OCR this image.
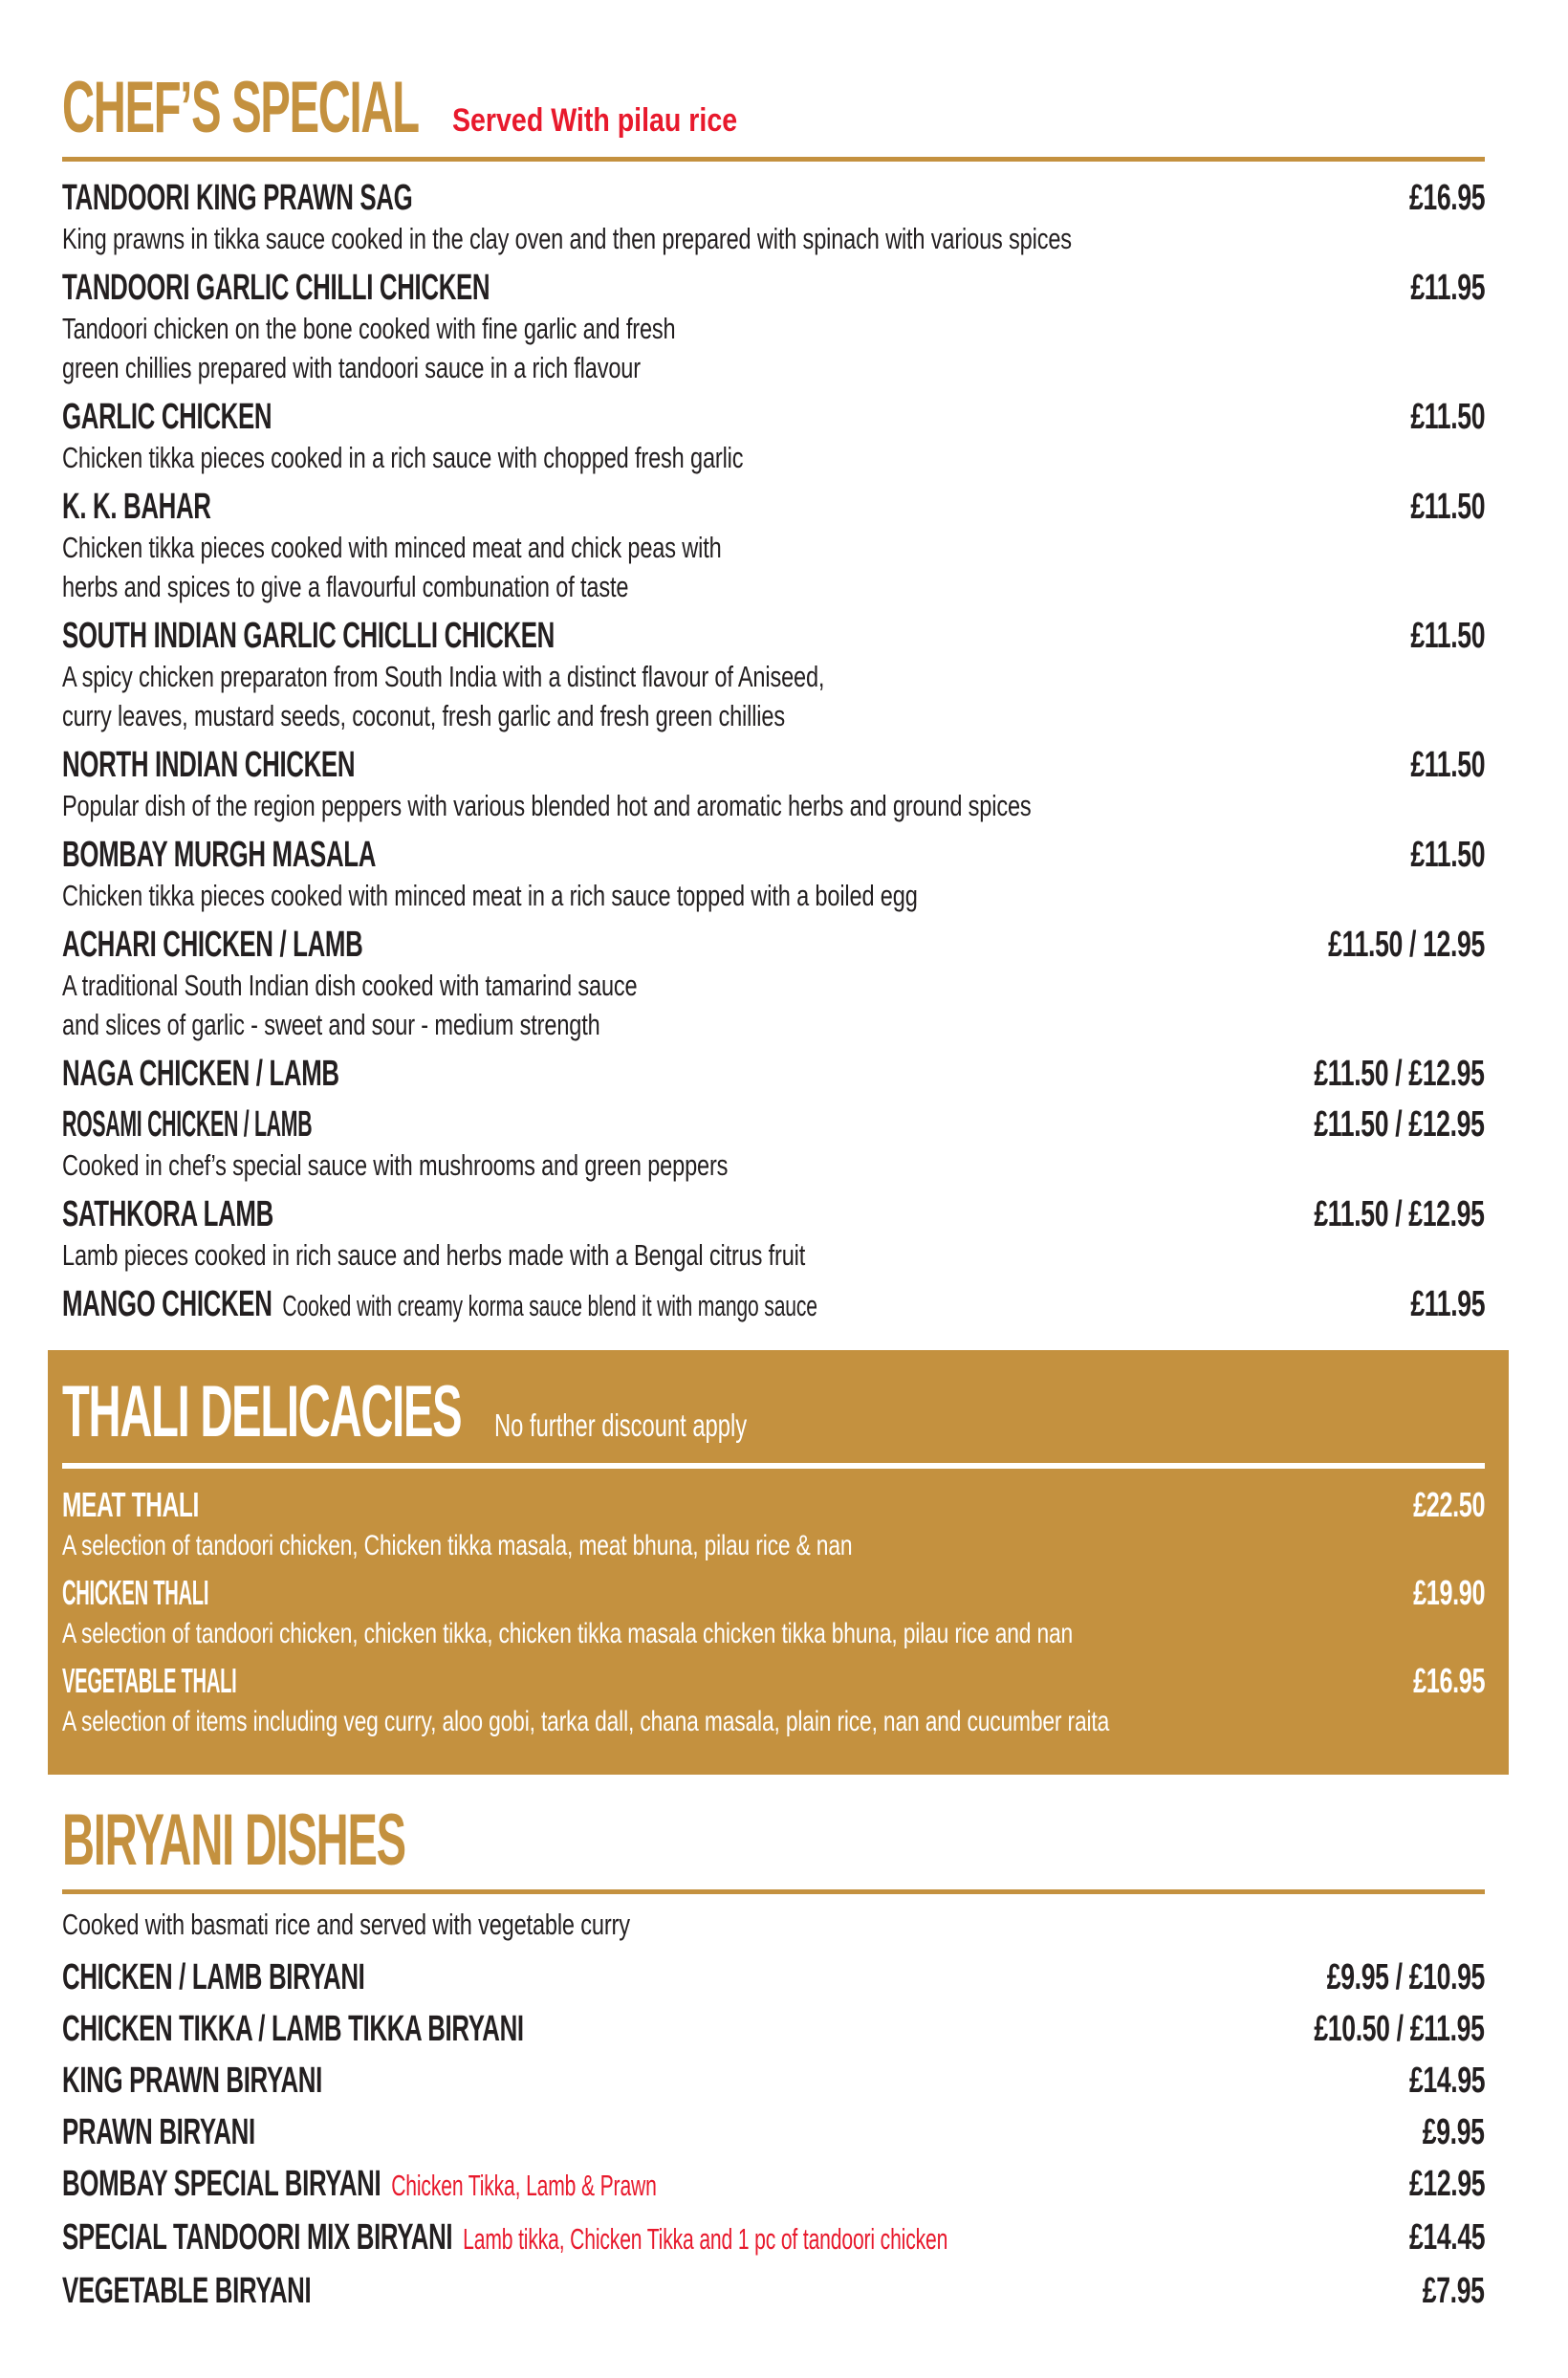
CHEF’S SPECIAL Served With pilau rice
TANDOORI KING PRAWN SAG	£16.95
King prawns in tikka sauce cooked in the clay oven and then prepared with spinach with various spices
TANDOORI GARLIC CHILLI CHICKEN	£11.95
Tandoori chicken on the bone cooked with fine garlic and fresh
green chillies prepared with tandoori sauce in a rich flavour
GARLIC CHICKEN	£11.50
Chicken tikka pieces cooked in a rich sauce with chopped fresh garlic
K. K. BAHAR	£11.50
Chicken tikka pieces cooked with minced meat and chick peas with
herbs and spices to give a flavourful combunation of taste
SOUTH INDIAN GARLIC CHICLLI CHICKEN	£11.50
A spicy chicken preparaton from South India with a distinct flavour of Aniseed,
curry leaves, mustard seeds, coconut, fresh garlic and fresh green chillies
NORTH INDIAN CHICKEN	£11.50
Popular dish of the region peppers with various blended hot and aromatic herbs and ground spices
BOMBAY MURGH MASALA	£11.50
Chicken tikka pieces cooked with minced meat in a rich sauce topped with a boiled egg
ACHARI CHICKEN / LAMB	£11.50 / 12.95
A traditional South Indian dish cooked with tamarind sauce
and slices of garlic - sweet and sour - medium strength
NAGA CHICKEN / LAMB	£11.50 / £12.95
ROSAMI CHICKEN / LAMB	£11.50 / £12.95
Cooked in chef’s special sauce with mushrooms and green peppers
SATHKORA LAMB	£11.50 / £12.95
Lamb pieces cooked in rich sauce and herbs made with a Bengal citrus fruit
MANGO CHICKEN Cooked with creamy korma sauce blend it with mango sauce	£11.95
THALI DELICACIES No further discount apply
MEAT THALI	£22.50
A selection of tandoori chicken, Chicken tikka masala, meat bhuna, pilau rice & nan
CHICKEN THALI	£19.90
A selection of tandoori chicken, chicken tikka, chicken tikka masala chicken tikka bhuna, pilau rice and nan
VEGETABLE THALI	£16.95
A selection of items including veg curry, aloo gobi, tarka dall, chana masala, plain rice, nan and cucumber raita
BIRYANI DISHES
Cooked with basmati rice and served with vegetable curry
CHICKEN / LAMB BIRYANI	£9.95 / £10.95
CHICKEN TIKKA / LAMB TIKKA BIRYANI	£10.50 / £11.95
KING PRAWN BIRYANI	£14.95
PRAWN BIRYANI	£9.95
BOMBAY SPECIAL BIRYANI Chicken Tikka, Lamb & Prawn	£12.95
SPECIAL TANDOORI MIX BIRYANI Lamb tikka, Chicken Tikka and 1 pc of tandoori chicken	£14.45
VEGETABLE BIRYANI	£7.95
